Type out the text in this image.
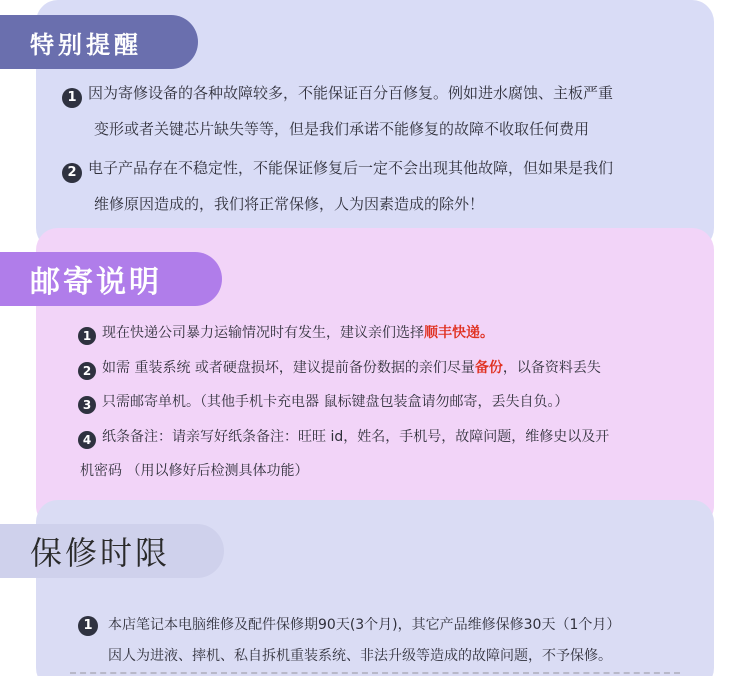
特别提醒
1 因为寄修设备的各种故障较多，不能保证百分百修复。例如进水腐蚀、主板严重
变形或者关键芯片缺失等等，但是我们承诺不能修复的故障不收取任何费用
2 电子产品存在不稳定性，不能保证修复后一定不会出现其他故障，但如果是我们
维修原因造成的，我们将正常保修，人为因素造成的除外！
邮寄说明
1 现在快递公司暴力运输情况时有发生，建议亲们选择顺丰快递。
2 如需 重装系统 或者硬盘损坏，建议提前备份数据的亲们尽量备份，以备资料丢失
3 只需邮寄单机。（其他手机卡充电器 鼠标键盘包装盒请勿邮寄，丢失自负。）
4 纸条备注：请亲写好纸条备注：旺旺 id，姓名，手机号，故障问题，维修史以及开
机密码 （用以修好后检测具体功能）
保修时限
1	本店笔记本电脑维修及配件保修期90天(3个月)，其它产品维修保修30天（1个月）
因人为进液、摔机、私自拆机重装系统、非法升级等造成的故障问题，不予保修。
